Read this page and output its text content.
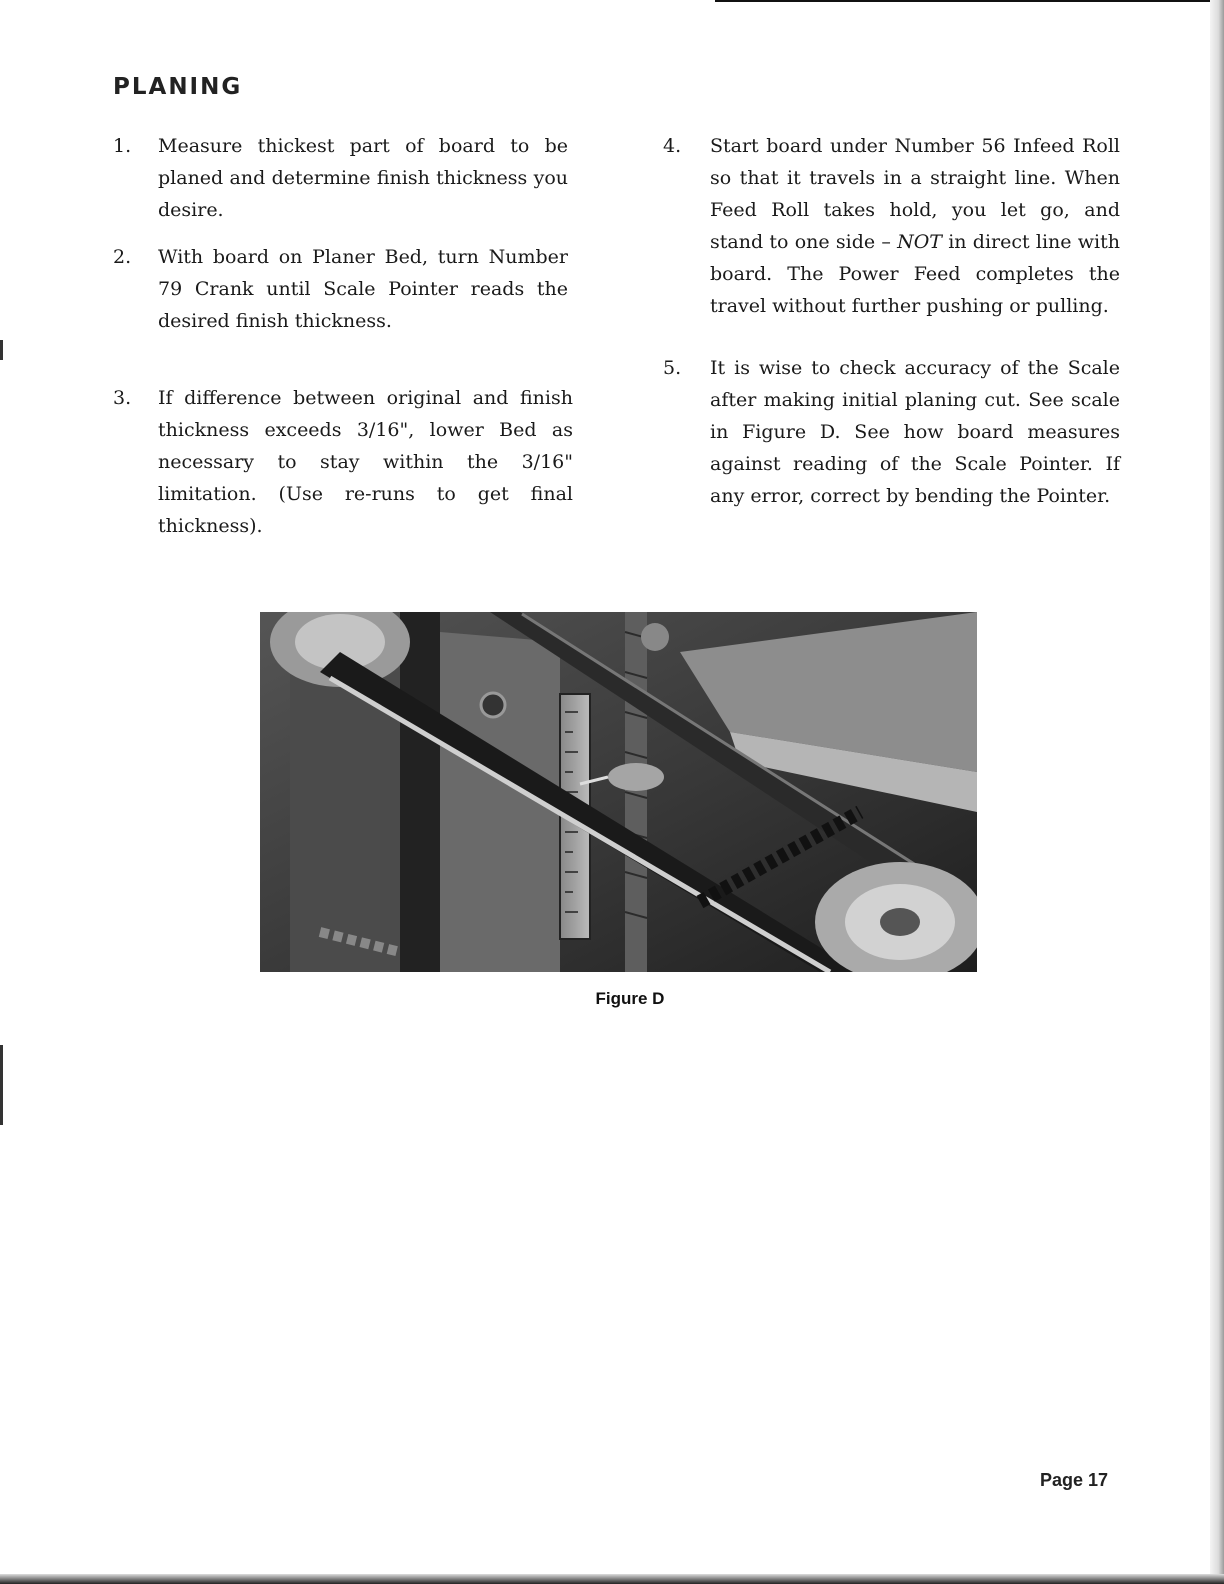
PLANING
1. Measure thickest part of board to be planed and determine finish thickness you desire.
2. With board on Planer Bed, turn Number 79 Crank until Scale Pointer reads the desired finish thickness.
3. If difference between original and finish thickness exceeds 3/16", lower Bed as necessary to stay within the 3/16" limitation. (Use re-runs to get final thickness).
4. Start board under Number 56 Infeed Roll so that it travels in a straight line. When Feed Roll takes hold, you let go, and stand to one side – NOT in direct line with board. The Power Feed completes the travel without further pushing or pulling.
5. It is wise to check accuracy of the Scale after making initial planing cut. See scale in Figure D. See how board measures against reading of the Scale Pointer. If any error, correct by bending the Pointer.
Figure D
Page 17
